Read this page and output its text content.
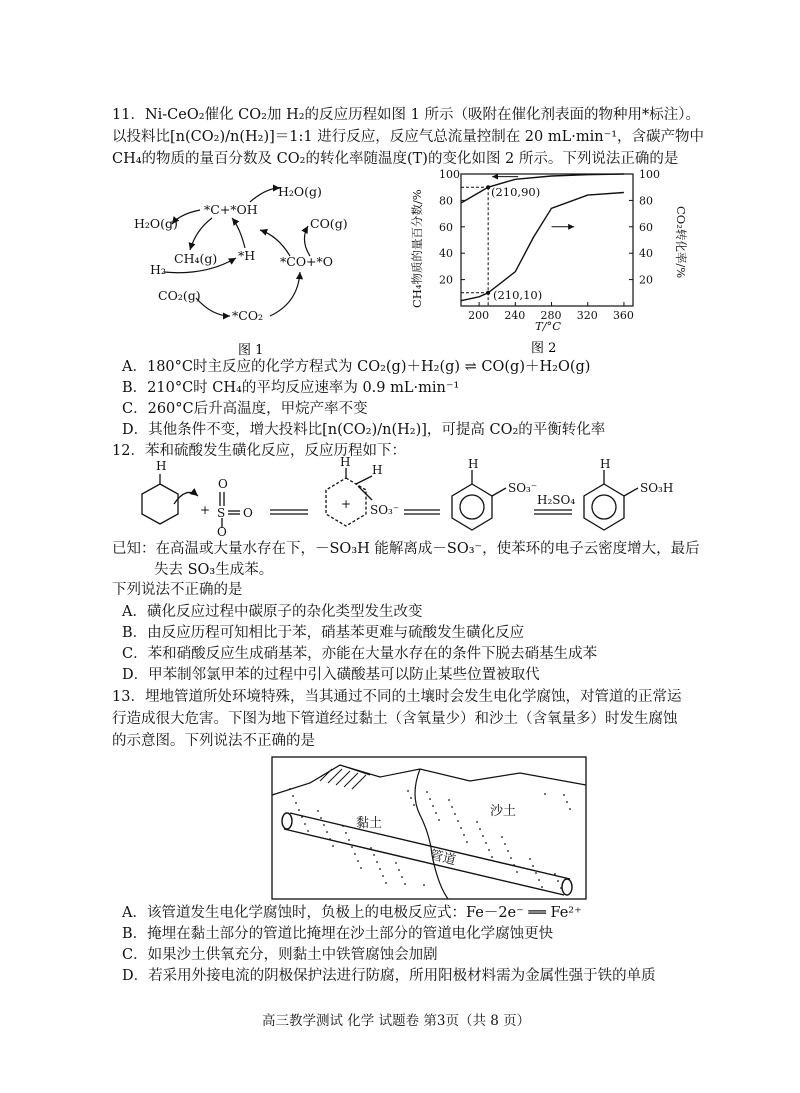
11．Ni-CeO₂催化 CO₂加 H₂的反应历程如图 1 所示（吸附在催化剂表面的物种用*标注）。
以投料比[n(CO₂)/n(H₂)]＝1:1 进行反应，反应气总流量控制在 20 mL·min⁻¹，含碳产物中
CH₄的物质的量百分数及 CO₂的转化率随温度(T)的变化如图 2 所示。下列说法正确的是
H₂O(g)
*C+*OH
H₂O(g)	CO(g)
CH₄(g) *H *CO+*O
H₂
CO₂(g)
*CO₂
图 1
200 240 280 320 360
20	20
40	40
60	60
80	80
100	100
CH₄物质的量百分数/%	CO₂转化率/%
T/°C
(210,90)
(210,10)
图 2
A．180°C时主反应的化学方程式为 CO₂(g)＋H₂(g) ⇌ CO(g)＋H₂O(g)
B．210°C时 CH₄的平均反应速率为 0.9 mL·min⁻¹
C．260°C后升高温度，甲烷产率不变
D．其他条件不变，增大投料比[n(CO₂)/n(H₂)]，可提高 CO₂的平衡转化率
12．苯和硫酸发生磺化反应，反应历程如下：
H
+
O
S O
O
H
H
SO₃⁻
+
H
SO₃⁻
H₂SO₄
H
SO₃H
已知：在高温或大量水存在下，－SO₃H 能解离成－SO₃⁻，使苯环的电子云密度增大，最后
失去 SO₃生成苯。
下列说法不正确的是
A．磺化反应过程中碳原子的杂化类型发生改变
B．由反应历程可知相比于苯，硝基苯更难与硫酸发生磺化反应
C．苯和硝酸反应生成硝基苯，亦能在大量水存在的条件下脱去硝基生成苯
D．甲苯制邻氯甲苯的过程中引入磺酸基可以防止某些位置被取代
13．埋地管道所处环境特殊，当其通过不同的土壤时会发生电化学腐蚀，对管道的正常运
行造成很大危害。下图为地下管道经过黏土（含氧量少）和沙土（含氧量多）时发生腐蚀
的示意图。下列说法不正确的是
黏土
沙土
管道
A．该管道发生电化学腐蚀时，负极上的电极反应式：Fe－2e⁻ ══ Fe²⁺
B．掩埋在黏土部分的管道比掩埋在沙土部分的管道电化学腐蚀更快
C．如果沙土供氧充分，则黏土中铁管腐蚀会加剧
D．若采用外接电流的阴极保护法进行防腐，所用阳极材料需为金属性强于铁的单质
高三教学测试 化学 试题卷 第3页（共 8 页）
